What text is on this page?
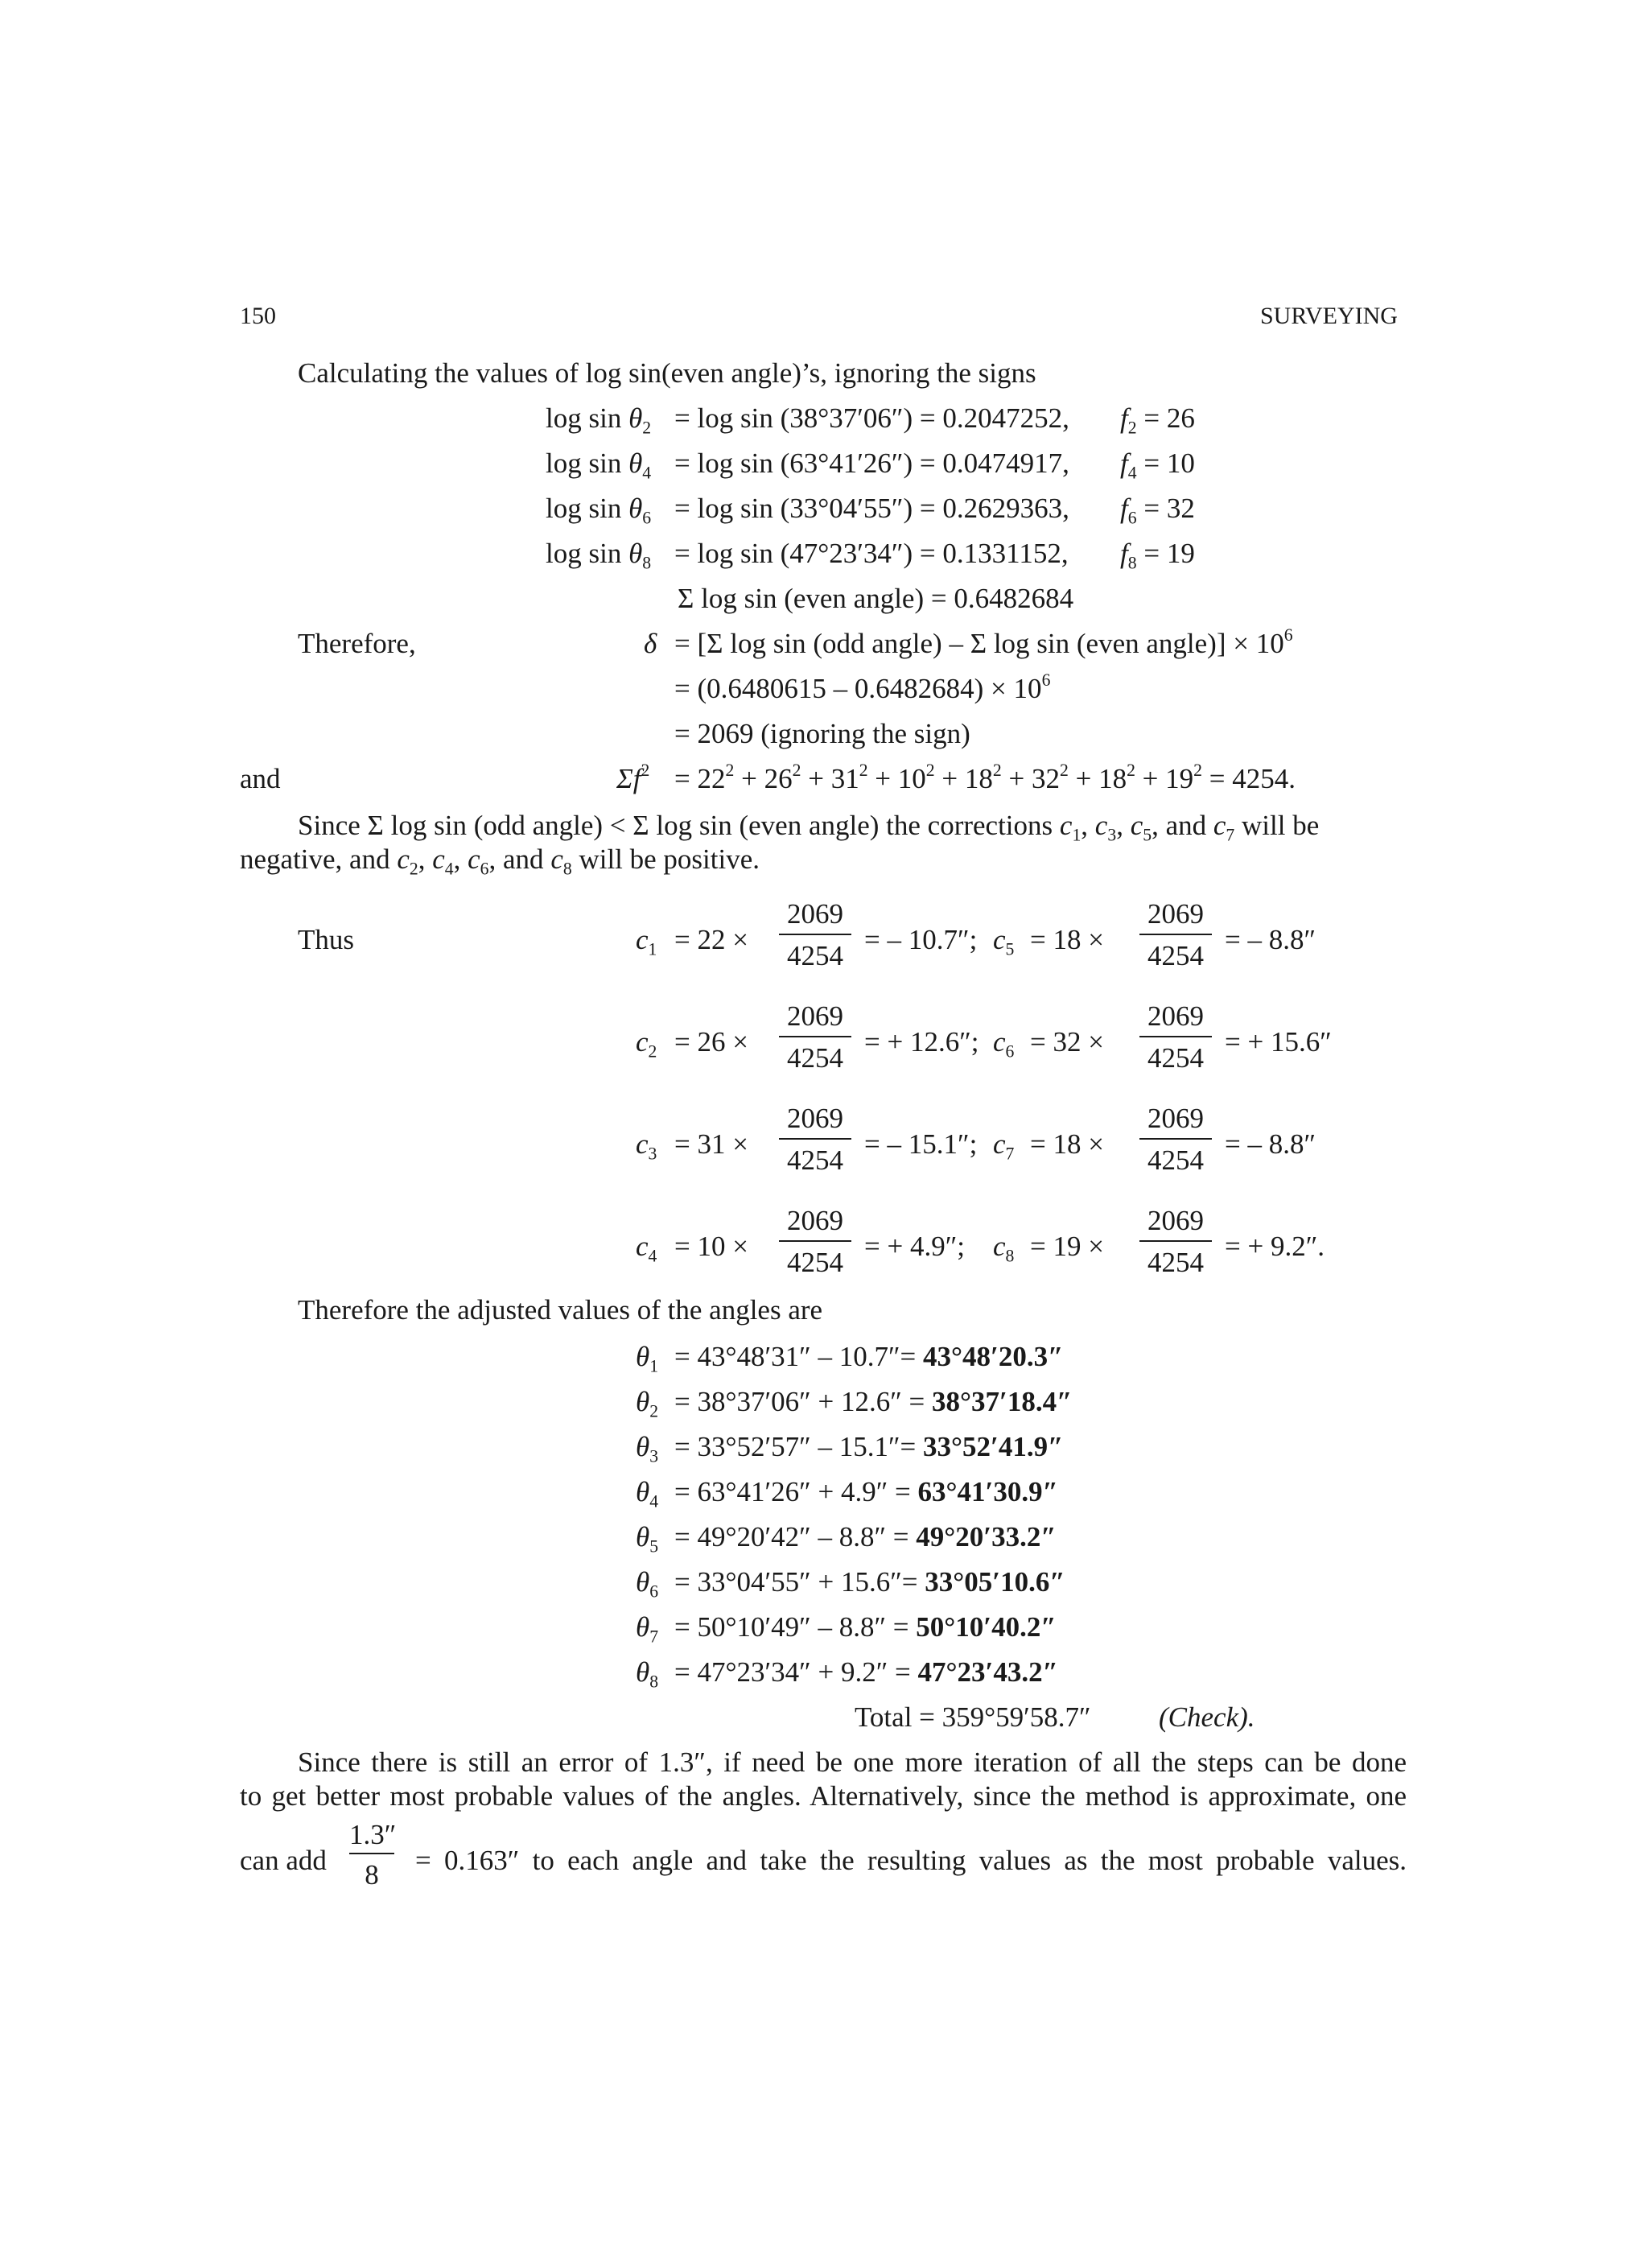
150	SURVEYING
Calculating the values of log sin(even angle)’s, ignoring the signs
$\log \sin \theta_2 = \log \sin (38^\circ 37'06'') = 0.2047252$, $f_2 = 26$
$\log \sin \theta_4 = \log \sin (63^\circ 41'26'') = 0.0474917$, $f_4 = 10$
$\log \sin \theta_6 = \log \sin (33^\circ 04'55'') = 0.2629363$, $f_6 = 32$
$\log \sin \theta_8 = \log \sin (47^\circ 23'34'') = 0.1331152$, $f_8 = 19$
Σ log sin (even angle) = 0.6482684
Therefore,	δ = [Σ log sin (odd angle) – Σ log sin (even angle)] × $10^6$
= $(0.6480615 - 0.6482684) \times 10^6$
= 2069 (ignoring the sign)
and	$\Sigma f^2 = 22^2 + 26^2 + 31^2 + 10^2 + 18^2 + 32^2 + 18^2 + 19^2 = 4254$.
Since Σ log sin (odd angle) < Σ log sin (even angle) the corrections $c_1$, $c_3$, $c_5$, and $c_7$ will be
negative, and $c_2$, $c_4$, $c_6$, and $c_8$ will be positive.
Thus	$c_1 = 22$ ×
2069
4254
= – 10.7″; $c_5 = 18$ ×
2069
4254
= – 8.8″
$c_2 = 26$ ×
2069
4254
= + 12.6″; $c_6 = 32$ ×
2069
4254
= + 15.6″
$c_3 = 31$ ×
2069
4254
= – 15.1″; $c_7 = 18$ ×
2069
4254
= – 8.8″
$c_4 = 10$ ×
2069
4254
= + 4.9″; $c_8 = 19$ ×
2069
4254
= + 9.2″.
Therefore the adjusted values of the angles are
$\theta_1 = 43^\circ 48'31'' - 10.7''= 43^\circ 48'20.3''$
$\theta_2 = 38^\circ 37'06'' + 12.6'' = 38^\circ 37'18.4''$
$\theta_3 = 33^\circ 52'57'' - 15.1''= 33^\circ 52'41.9''$
$\theta_4 = 63^\circ 41'26'' + 4.9'' = 63^\circ 41'30.9''$
$\theta_5 = 49^\circ 20'42'' - 8.8'' = 49^\circ 20'33.2''$
$\theta_6 = 33^\circ 04'55'' + 15.6''= 33^\circ 05'10.6''$
$\theta_7 = 50^\circ 10'49'' - 8.8'' = 50^\circ 10'40.2''$
$\theta_8 = 47^\circ 23'34'' + 9.2'' = 47^\circ 23'43.2''$
Total = 359°59′58.7″ (Check).
Since there is still an error of 1.3″, if need be one more iteration of all the steps can be done
to get better most probable values of the angles. Alternatively, since the method is approximate, one
can add
1.3″
8	= 0.163″ to each angle and take the resulting values as the most probable values.
